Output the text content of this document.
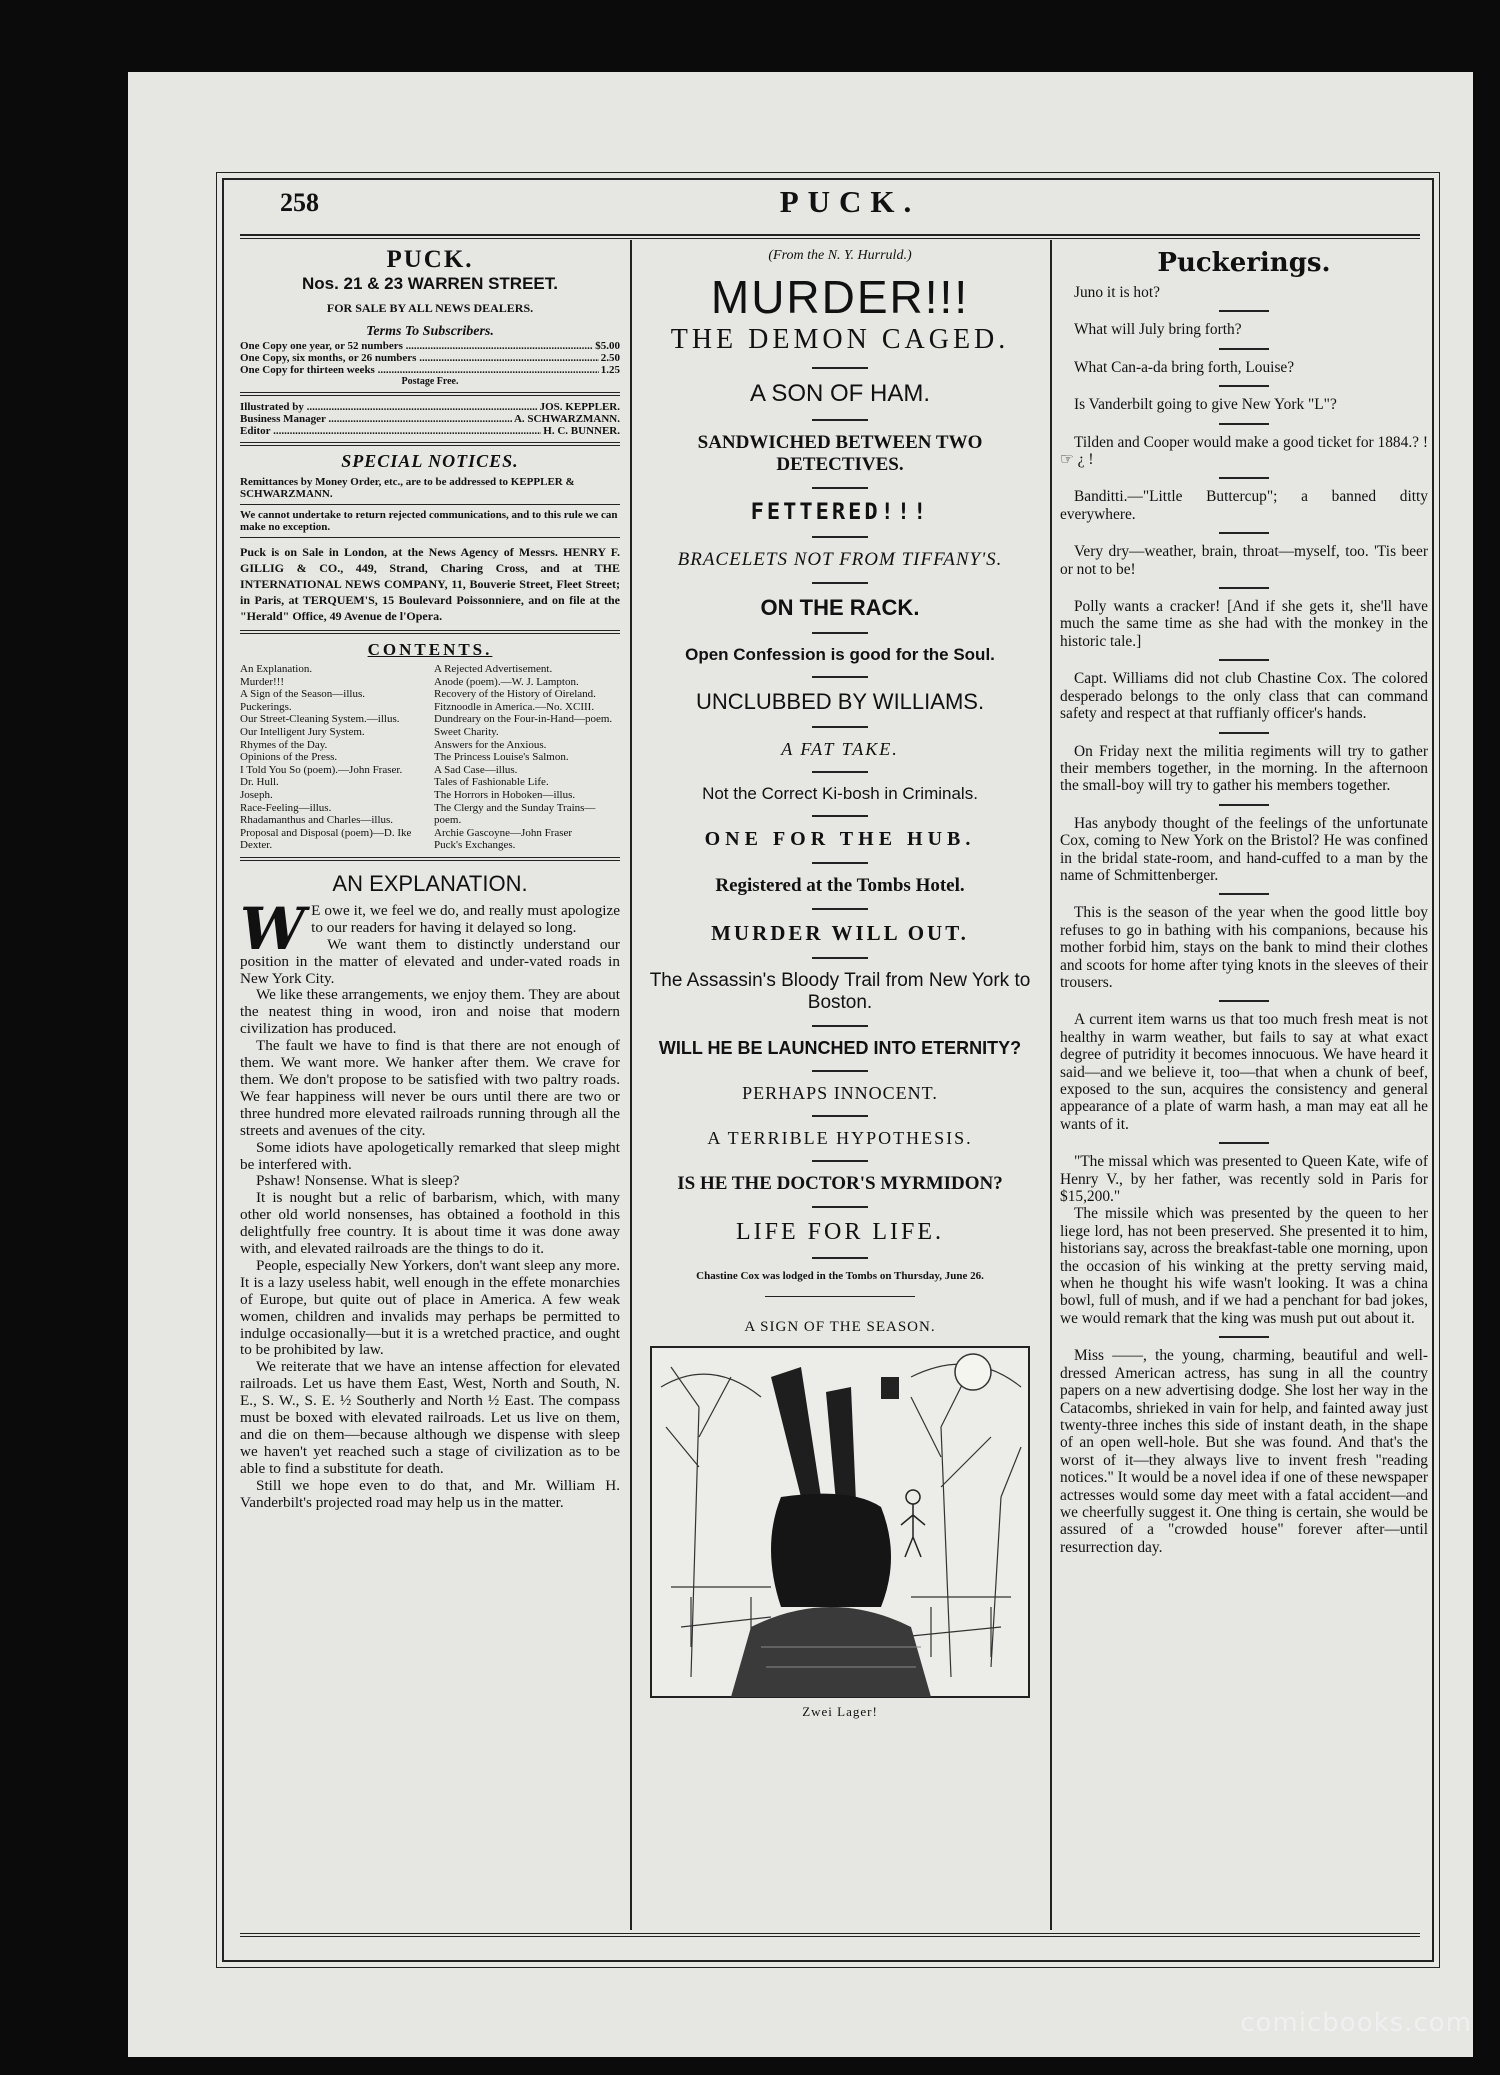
258	PUCK.
PUCK.
Nos. 21 & 23 WARREN STREET.
FOR SALE BY ALL NEWS DEALERS.
Terms To Subscribers.
One Copy one year, or 52 numbers .....	$5.00
One Copy, six months, or 26 numbers .....	2.50
One Copy for thirteen weeks .....	1.25
Postage Free.
Illustrated by .....	JOS. KEPPLER.
Business Manager .....	A. SCHWARZMANN.
Editor .....	H. C. BUNNER.
SPECIAL NOTICES.
Remittances by Money Order, etc., are to be addressed to KEPPLER & SCHWARZMANN.
We cannot undertake to return rejected communications, and to this rule we can make no exception.
Puck is on Sale in London, at the News Agency of Messrs. HENRY F. GILLIG & CO., 449, Strand, Charing Cross, and at THE INTERNATIONAL NEWS COMPANY, 11, Bouverie Street, Fleet Street; in Paris, at TERQUEM'S, 15 Boulevard Poissonniere, and on file at the "Herald" Office, 49 Avenue de l'Opera.
CONTENTS.
An Explanation.
Murder!!!
A Sign of the Season—illus.
Puckerings.
Our Street-Cleaning System.—illus.
Our Intelligent Jury System.
Rhymes of the Day.
Opinions of the Press.
I Told You So (poem).—John Fraser.
Dr. Hull.
Joseph.
Race-Feeling—illus.
Rhadamanthus and Charles—illus.
Proposal and Disposal (poem)—D. Ike Dexter.
A Rejected Advertisement.
Anode (poem).—W. J. Lampton.
Recovery of the History of Oireland.
Fitznoodle in America.—No. XCIII.
Dundreary on the Four-in-Hand—poem.
Sweet Charity.
Answers for the Anxious.
The Princess Louise's Salmon.
A Sad Case—illus.
Tales of Fashionable Life.
The Horrors in Hoboken—illus.
The Clergy and the Sunday Trains—poem.
Archie Gascoyne—John Fraser
Puck's Exchanges.
AN EXPLANATION.
W E owe it, we feel we do, and really must apologize to our readers for having it delayed so long.

We want them to distinctly understand our position in the matter of elevated and under-vated roads in New York City.

We like these arrangements, we enjoy them. They are about the neatest thing in wood, iron and noise that modern civilization has produced.

The fault we have to find is that there are not enough of them. We want more. We hanker after them. We crave for them. We don't propose to be satisfied with two paltry roads. We fear happiness will never be ours until there are two or three hundred more elevated railroads running through all the streets and avenues of the city.

Some idiots have apologetically remarked that sleep might be interfered with.

Pshaw! Nonsense. What is sleep?

It is nought but a relic of barbarism, which, with many other old world nonsenses, has obtained a foothold in this delightfully free country. It is about time it was done away with, and elevated railroads are the things to do it.

People, especially New Yorkers, don't want sleep any more. It is a lazy useless habit, well enough in the effete monarchies of Europe, but quite out of place in America. A few weak women, children and invalids may perhaps be permitted to indulge occasionally—but it is a wretched practice, and ought to be prohibited by law.

We reiterate that we have an intense affection for elevated railroads. Let us have them East, West, North and South, N. E., S. W., S. E. ½ Southerly and North ½ East. The compass must be boxed with elevated railroads. Let us live on them, and die on them—because although we dispense with sleep we haven't yet reached such a stage of civilization as to be able to find a substitute for death.

Still we hope even to do that, and Mr. William H. Vanderbilt's projected road may help us in the matter.

(From the N. Y. Hurruld.)
MURDER!!!
THE DEMON CAGED.
A SON OF HAM.
SANDWICHED BETWEEN TWO DETECTIVES.
FETTERED!!!
BRACELETS NOT FROM TIFFANY'S.
ON THE RACK.
Open Confession is good for the Soul.
UNCLUBBED BY WILLIAMS.
A FAT TAKE.
Not the Correct Ki-bosh in Criminals.
ONE FOR THE HUB.
Registered at the Tombs Hotel.
MURDER WILL OUT.
The Assassin's Bloody Trail from New York to Boston.
WILL HE BE LAUNCHED INTO ETERNITY?
PERHAPS INNOCENT.
A TERRIBLE HYPOTHESIS.
IS HE THE DOCTOR'S MYRMIDON?
LIFE FOR LIFE.
Chastine Cox was lodged in the Tombs on Thursday, June 26.
A SIGN OF THE SEASON.
Zwei Lager!
Puckerings.

Juno it is hot?

What will July bring forth?

What Can-a-da bring forth, Louise?

Is Vanderbilt going to give New York "L"?

Tilden and Cooper would make a good ticket for 1884.? ! ☞ ¿ !

Banditti.—"Little Buttercup"; a banned ditty everywhere.

Very dry—weather, brain, throat—myself, too. 'Tis beer or not to be!

Polly wants a cracker! [And if she gets it, she'll have much the same time as she had with the monkey in the historic tale.]

Capt. Williams did not club Chastine Cox. The colored desperado belongs to the only class that can command safety and respect at that ruffianly officer's hands.

On Friday next the militia regiments will try to gather their members together, in the morning. In the afternoon the small-boy will try to gather his members together.

Has anybody thought of the feelings of the unfortunate Cox, coming to New York on the Bristol? He was confined in the bridal state-room, and hand-cuffed to a man by the name of Schmittenberger.

This is the season of the year when the good little boy refuses to go in bathing with his companions, because his mother forbid him, stays on the bank to mind their clothes and scoots for home after tying knots in the sleeves of their trousers.

A current item warns us that too much fresh meat is not healthy in warm weather, but fails to say at what exact degree of putridity it becomes innocuous. We have heard it said—and we believe it, too—that when a chunk of beef, exposed to the sun, acquires the consistency and general appearance of a plate of warm hash, a man may eat all he wants of it.

"The missal which was presented to Queen Kate, wife of Henry V., by her father, was recently sold in Paris for $15,200."

The missile which was presented by the queen to her liege lord, has not been preserved. She presented it to him, historians say, across the breakfast-table one morning, upon the occasion of his winking at the pretty serving maid, when he thought his wife wasn't looking. It was a china bowl, full of mush, and if we had a penchant for bad jokes, we would remark that the king was mush put out about it.

Miss ——, the young, charming, beautiful and well-dressed American actress, has sung in all the country papers on a new advertising dodge. She lost her way in the Catacombs, shrieked in vain for help, and fainted away just twenty-three inches this side of instant death, in the shape of an open well-hole. But she was found. And that's the worst of it—they always live to invent fresh "reading notices." It would be a novel idea if one of these newspaper actresses would some day meet with a fatal accident—and we cheerfully suggest it. One thing is certain, she would be assured of a "crowded house" forever after—until resurrection day.

comicbooks.com
